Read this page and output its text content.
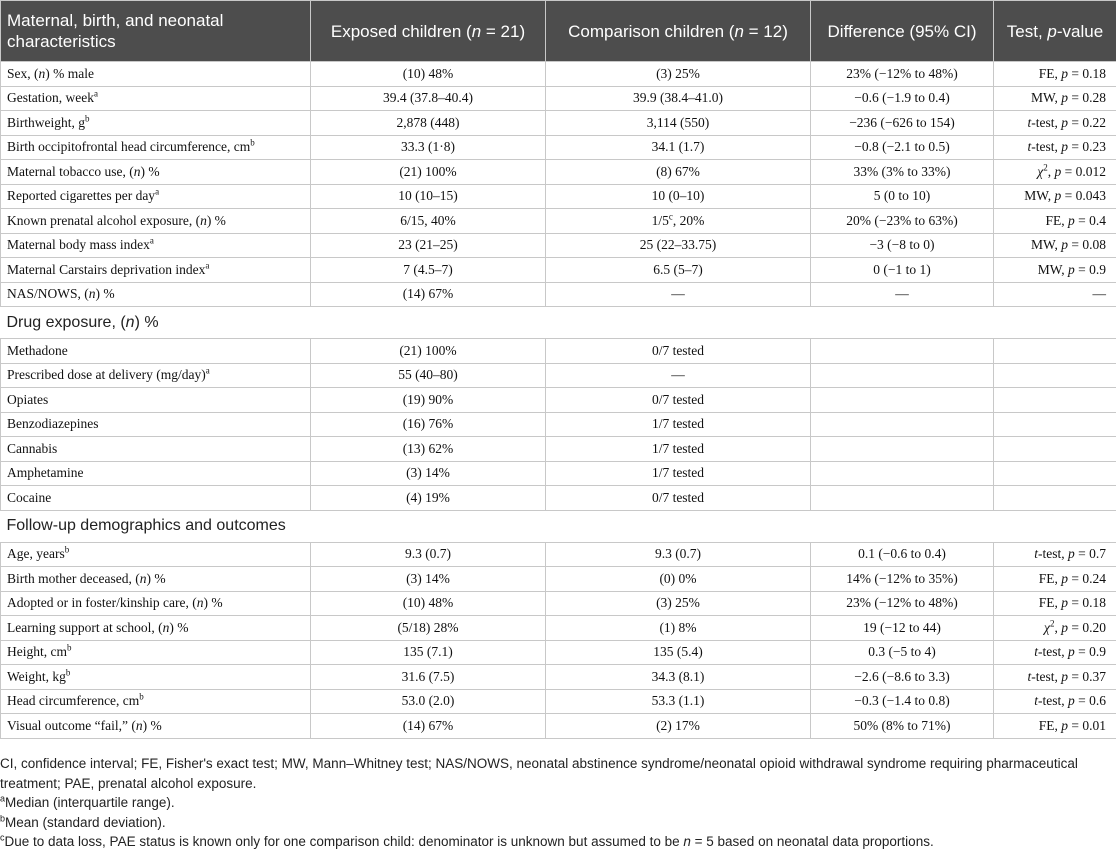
Maternal, birth, and neonatal characteristics	Exposed children (n = 21)	Comparison children (n = 12)	Difference (95% CI)	Test, p-value
Sex, (n) % male	(10) 48%	(3) 25%	23% (−12% to 48%)	FE, p = 0.18
Gestation, week$^a$	39.4 (37.8–40.4)	39.9 (38.4–41.0)	−0.6 (−1.9 to 0.4)	MW, p = 0.28
Birthweight, $g^b$	2,878 (448)	3,114 (550)	−236 (−626 to 154)	t-test, p = 0.22
Birth occipitofrontal head circumference, $cm^b$	33.3 (1·8)	34.1 (1.7)	−0.8 (−2.1 to 0.5)	t-test, p = 0.23
Maternal tobacco use, (n) %	(21) 100%	(8) 67%	33% (3% to 33%)	$\chi^2$, p = 0.012
Reported cigarettes per day$^a$	10 (10–15)	10 (0–10)	5 (0 to 10)	MW, p = 0.043
Known prenatal alcohol exposure, (n) %	6/15, 40%	1/5$^c$, 20%	20% (−23% to 63%)	FE, p = 0.4
Maternal body mass index$^a$	23 (21–25)	25 (22–33.75)	−3 (−8 to 0)	MW, p = 0.08
Maternal Carstairs deprivation index$^a$	7 (4.5–7)	6.5 (5–7)	0 (−1 to 1)	MW, p = 0.9
NAS/NOWS, (n) %	(14) 67%	—	—	—
Drug exposure, (n) %				
Methadone	(21) 100%	0/7 tested		
Prescribed dose at delivery $(mg/day)^a$	55 (40–80)	—		
Opiates	(19) 90%	0/7 tested		
Benzodiazepines	(16) 76%	1/7 tested		
Cannabis	(13) 62%	1/7 tested		
Amphetamine	(3) 14%	1/7 tested		
Cocaine	(4) 19%	0/7 tested		
Follow-up demographics and outcomes				
Age, years$^b$	9.3 (0.7)	9.3 (0.7)	0.1 (−0.6 to 0.4)	t-test, p = 0.7
Birth mother deceased, (n) %	(3) 14%	(0) 0%	14% (−12% to 35%)	FE, p = 0.24
Adopted or in foster/kinship care, (n) %	(10) 48%	(3) 25%	23% (−12% to 48%)	FE, p = 0.18
Learning support at school, (n) %	(5/18) 28%	(1) 8%	19 (−12 to 44)	$\chi^2$, p = 0.20
Height, $cm^b$	135 (7.1)	135 (5.4)	0.3 (−5 to 4)	t-test, p = 0.9
Weight, $kg^b$	31.6 (7.5)	34.3 (8.1)	−2.6 (−8.6 to 3.3)	t-test, p = 0.37
Head circumference, $cm^b$	53.0 (2.0)	53.3 (1.1)	−0.3 (−1.4 to 0.8)	t-test, p = 0.6
Visual outcome “fail,” (n) %	(14) 67%	(2) 17%	50% (8% to 71%)	FE, p = 0.01

CI, confidence interval; FE, Fisher's exact test; MW, Mann–Whitney test; NAS/NOWS, neonatal abstinence syndrome/neonatal opioid withdrawal syndrome requiring pharmaceutical treatment; PAE, prenatal alcohol exposure.

$^a$Median (interquartile range).

$^b$Mean (standard deviation).

$^c$Due to data loss, PAE status is known only for one comparison child: denominator is unknown but assumed to be n = 5 based on neonatal data proportions.
